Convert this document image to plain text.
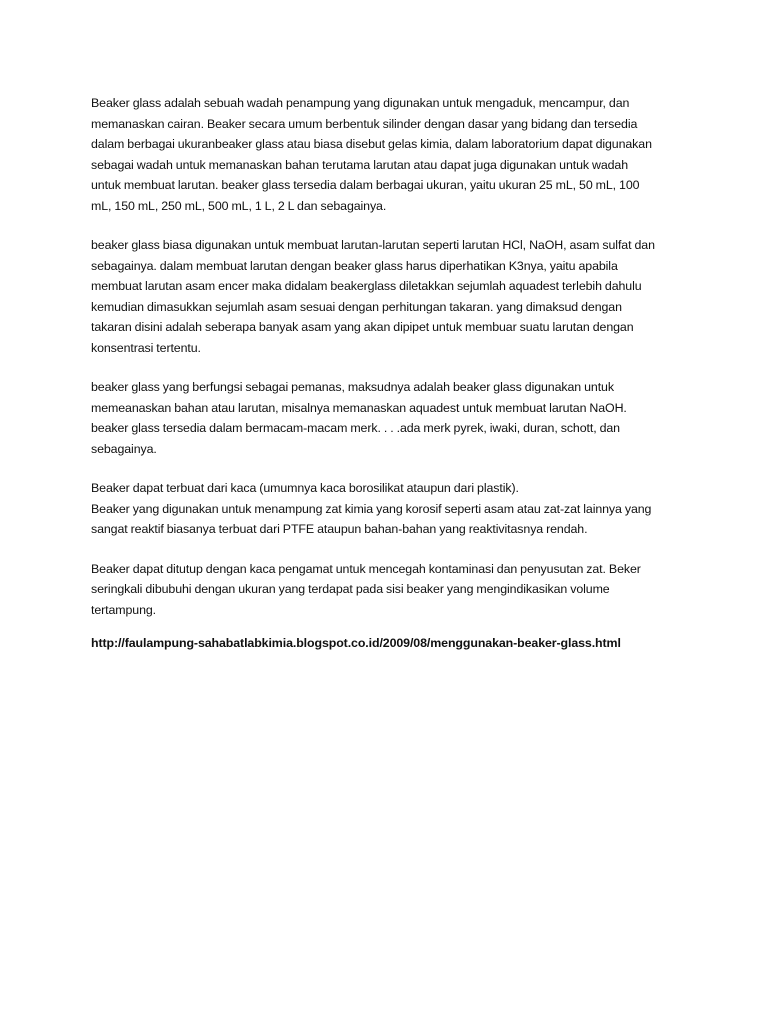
Beaker glass adalah sebuah wadah penampung yang digunakan untuk mengaduk, mencampur, dan
memanaskan cairan. Beaker secara umum berbentuk silinder dengan dasar yang bidang dan tersedia
dalam berbagai ukuranbeaker glass atau biasa disebut gelas kimia, dalam laboratorium dapat digunakan
sebagai wadah untuk memanaskan bahan terutama larutan atau dapat juga digunakan untuk wadah
untuk membuat larutan. beaker glass tersedia dalam berbagai ukuran, yaitu ukuran 25 mL, 50 mL, 100
mL, 150 mL, 250 mL, 500 mL, 1 L, 2 L dan sebagainya.

beaker glass biasa digunakan untuk membuat larutan-larutan seperti larutan HCl, NaOH, asam sulfat dan
sebagainya. dalam membuat larutan dengan beaker glass harus diperhatikan K3nya, yaitu apabila
membuat larutan asam encer maka didalam beakerglass diletakkan sejumlah aquadest terlebih dahulu
kemudian dimasukkan sejumlah asam sesuai dengan perhitungan takaran. yang dimaksud dengan
takaran disini adalah seberapa banyak asam yang akan dipipet untuk membuar suatu larutan dengan
konsentrasi tertentu.

beaker glass yang berfungsi sebagai pemanas, maksudnya adalah beaker glass digunakan untuk
memeanaskan bahan atau larutan, misalnya memanaskan aquadest untuk membuat larutan NaOH.
beaker glass tersedia dalam bermacam-macam merk. . . .ada merk pyrek, iwaki, duran, schott, dan
sebagainya.

Beaker dapat terbuat dari kaca (umumnya kaca borosilikat ataupun dari plastik).
Beaker yang digunakan untuk menampung zat kimia yang korosif seperti asam atau zat-zat lainnya yang
sangat reaktif biasanya terbuat dari PTFE ataupun bahan-bahan yang reaktivitasnya rendah.

Beaker dapat ditutup dengan kaca pengamat untuk mencegah kontaminasi dan penyusutan zat. Beker
seringkali dibubuhi dengan ukuran yang terdapat pada sisi beaker yang mengindikasikan volume
tertampung.

http://faulampung-sahabatlabkimia.blogspot.co.id/2009/08/menggunakan-beaker-glass.html
